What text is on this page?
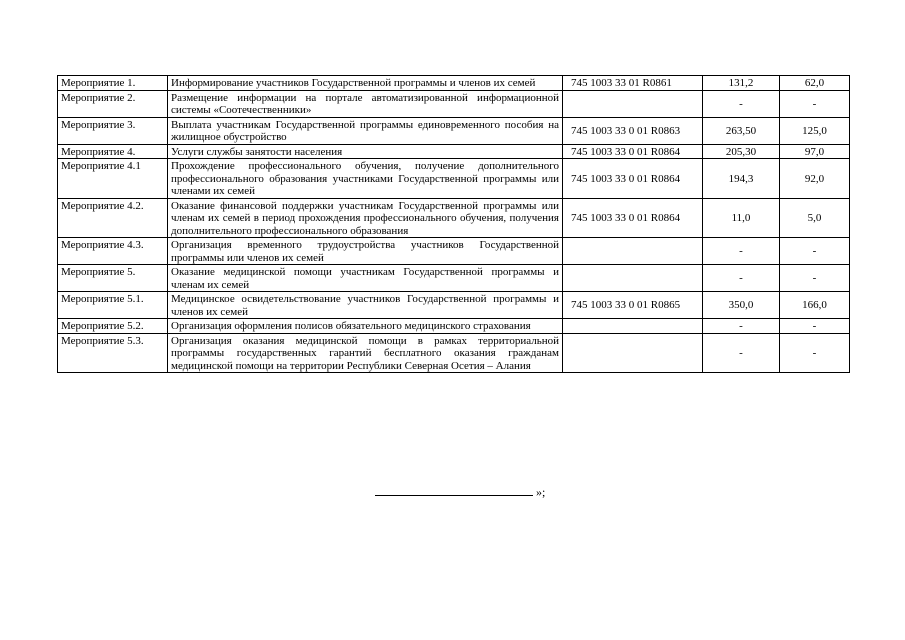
Мероприятие 1.	Информирование участников Государственной программы и членов их семей	745 1003 33 01 R0861	131,2	62,0
Мероприятие 2.	Размещение информации на портале автоматизированной информационной системы «Соотечественники»		-	-
Мероприятие 3.	Выплата участникам Государственной программы единовременного пособия на жилищное обустройство	745 1003 33 0 01 R0863	263,50	125,0
Мероприятие 4.	Услуги службы занятости населения	745 1003 33 0 01 R0864	205,30	97,0
Мероприятие 4.1	Прохождение профессионального обучения, получение дополнительного профессионального образования участниками Государственной программы или членами их семей	745 1003 33 0 01 R0864	194,3	92,0
Мероприятие 4.2.	Оказание финансовой поддержки участникам Государственной программы или членам их семей в период прохождения профессионального обучения, получения дополнительного профессионального образования	745 1003 33 0 01 R0864	11,0	5,0
Мероприятие 4.3.	Организация временного трудоустройства участников Государственной программы или членов их семей		-	-
Мероприятие 5.	Оказание медицинской помощи участникам Государственной программы и членам их семей		-	-
Мероприятие 5.1.	Медицинское освидетельствование участников Государственной программы и членов их семей	745 1003 33 0 01 R0865	350,0	166,0
Мероприятие 5.2.	Организация оформления полисов обязательного медицинского страхования		-	-
Мероприятие 5.3.	Организация оказания медицинской помощи в рамках территориальной программы государственных гарантий бесплатного оказания гражданам медицинской помощи на территории Республики Северная Осетия – Алания		-	-
»;
